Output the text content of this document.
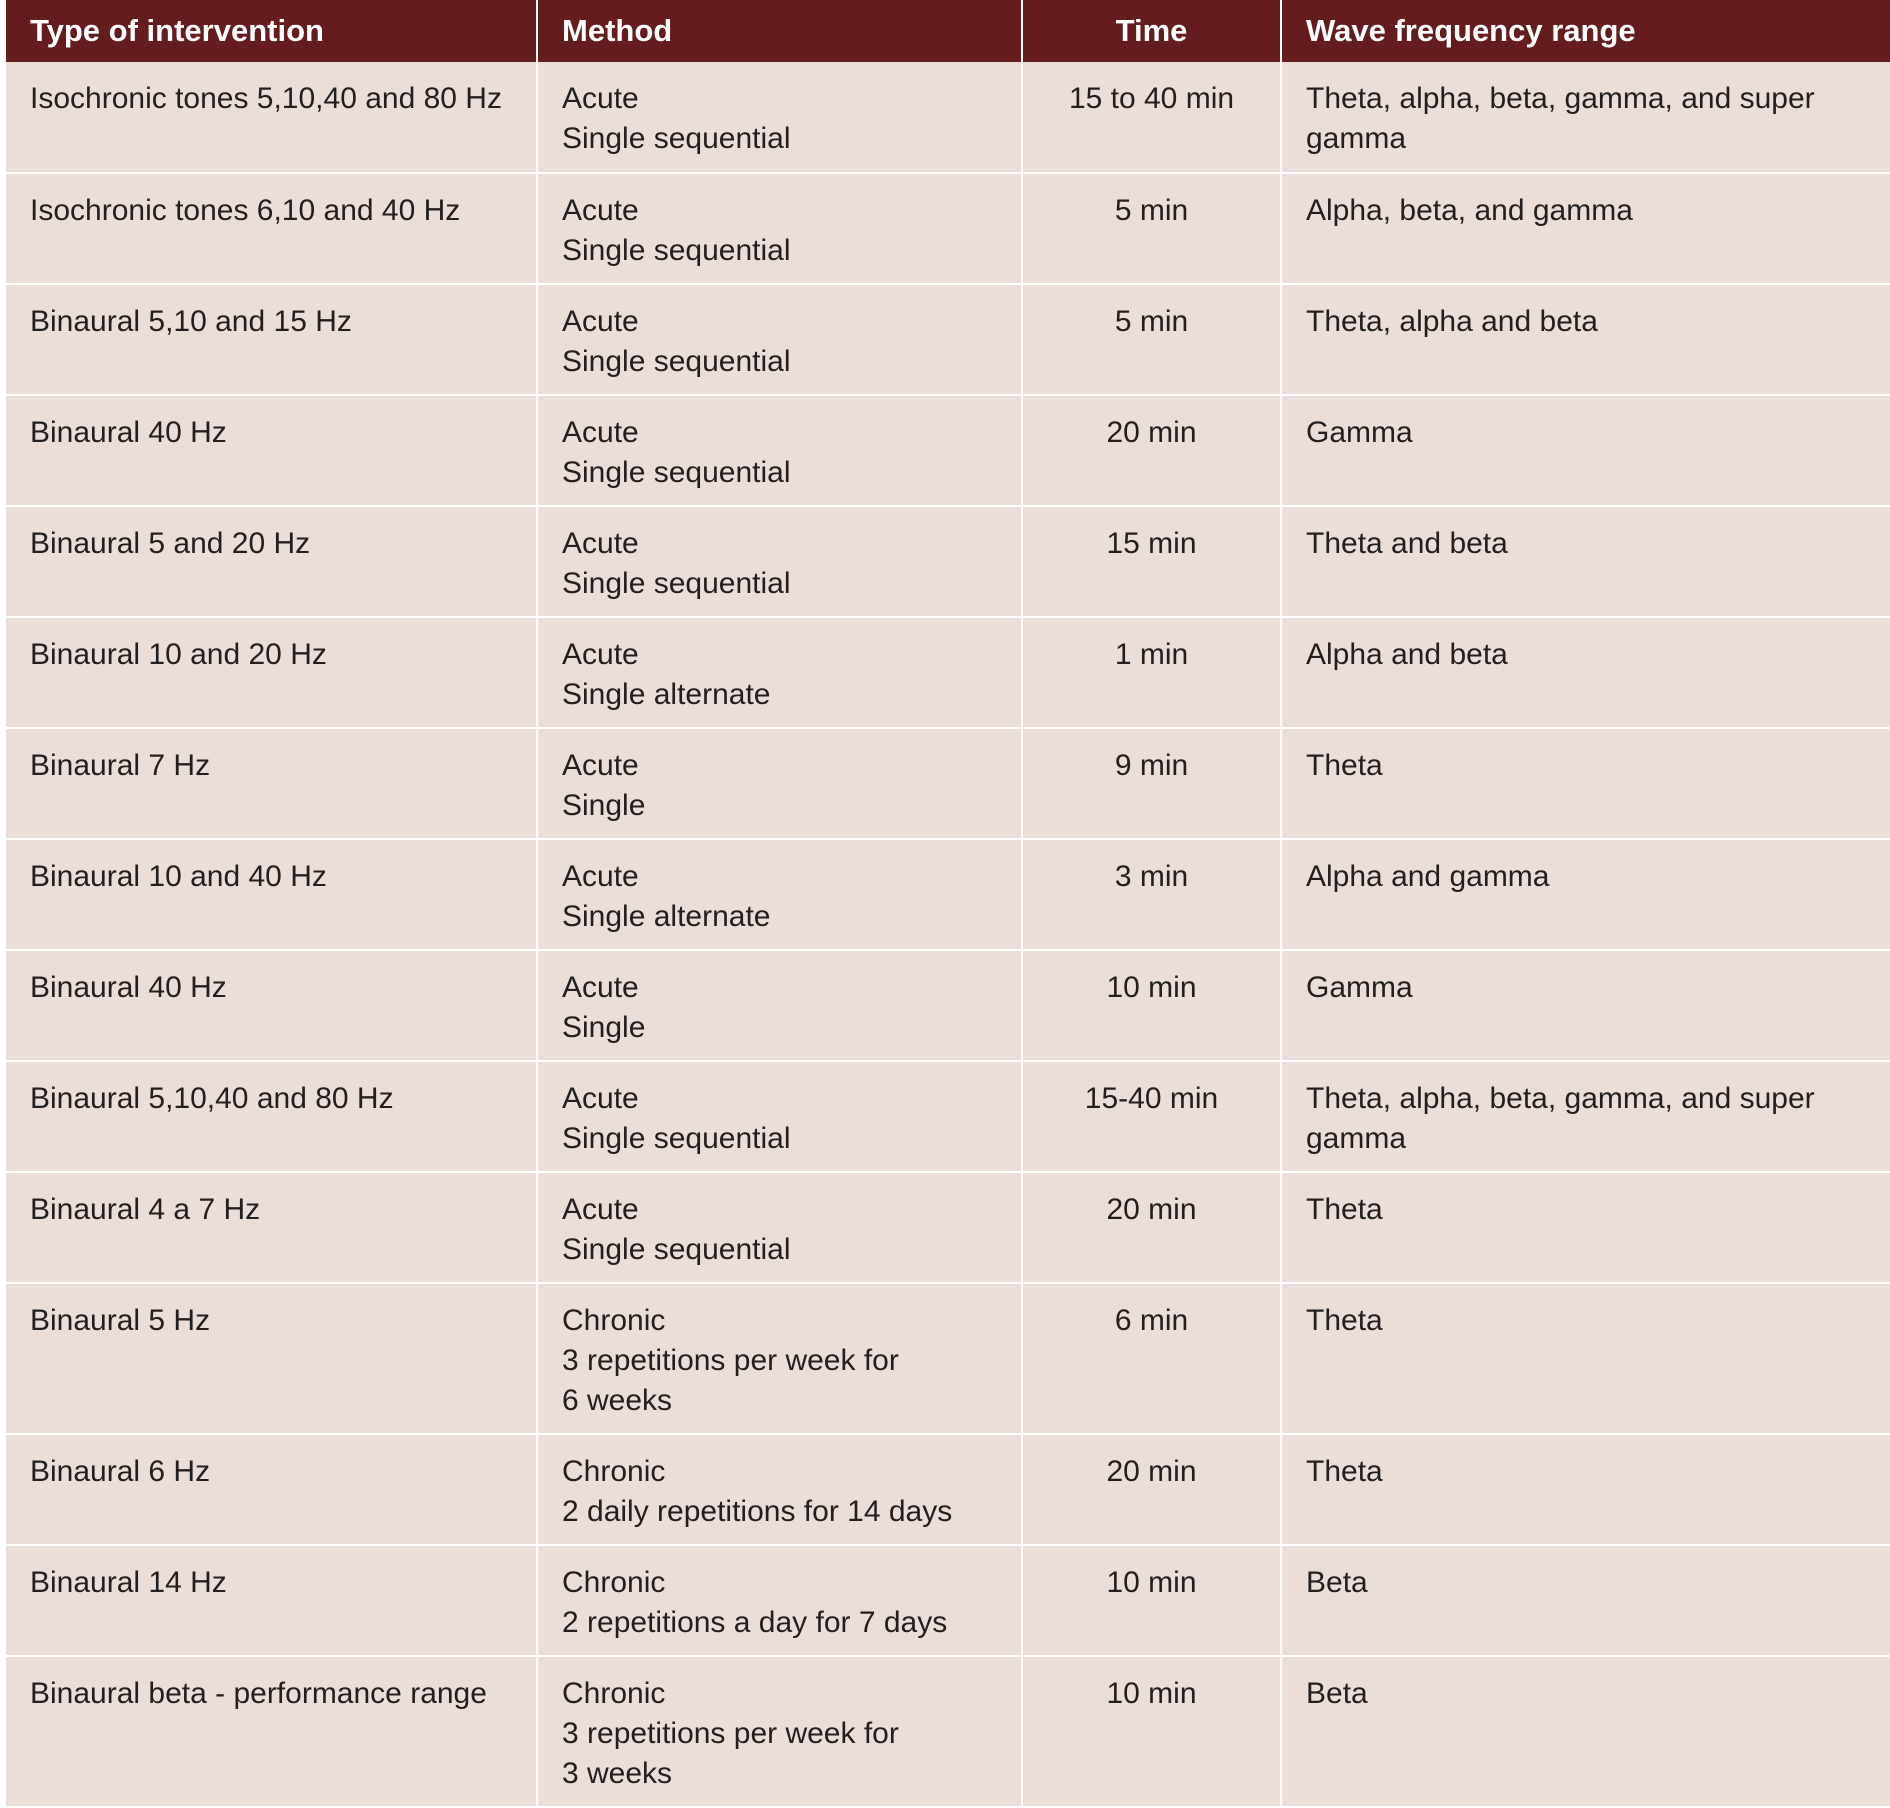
Type of intervention	Method	Time	Wave frequency range
Isochronic tones 5,10,40 and 80 Hz	Acute
Single sequential	15 to 40 min	Theta, alpha, beta, gamma, and super
gamma

Isochronic tones 6,10 and 40 Hz	Acute
Single sequential	5 min	Alpha, beta, and gamma

Binaural 5,10 and 15 Hz	Acute
Single sequential	5 min	Theta, alpha and beta

Binaural 40 Hz	Acute
Single sequential	20 min	Gamma

Binaural 5 and 20 Hz	Acute
Single sequential	15 min	Theta and beta

Binaural 10 and 20 Hz	Acute
Single alternate	1 min	Alpha and beta

Binaural 7 Hz	Acute
Single	9 min	Theta

Binaural 10 and 40 Hz	Acute
Single alternate	3 min	Alpha and gamma

Binaural 40 Hz	Acute
Single	10 min	Gamma

Binaural 5,10,40 and 80 Hz	Acute
Single sequential	15-40 min	Theta, alpha, beta, gamma, and super
gamma

Binaural 4 a 7 Hz	Acute
Single sequential	20 min	Theta

Binaural 5 Hz	Chronic
3 repetitions per week for
6 weeks	6 min	Theta

Binaural 6 Hz	Chronic
2 daily repetitions for 14 days	20 min	Theta

Binaural 14 Hz	Chronic
2 repetitions a day for 7 days	10 min	Beta

Binaural beta - performance range	Chronic
3 repetitions per week for
3 weeks	10 min	Beta
